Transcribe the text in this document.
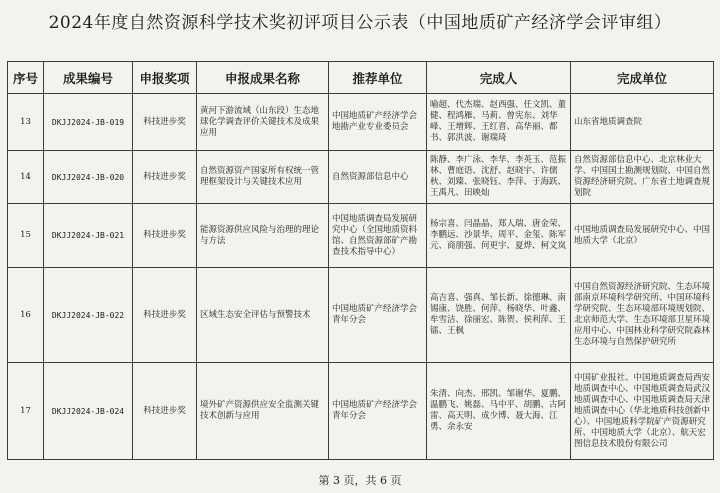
2024年度自然资源科学技术奖初评项目公示表（中国地质矿产经济学会评审组）
序号	成果编号	申报奖项	申报成果名称	推荐单位	完成人	完成单位
13	DKJJ2024-JB-019	科技进步奖	黄河下游流域（山东段）生态地球化学调查评价关键技术及成果应用	中国地质矿产经济学会地勘产业专业委员会	喻超、代杰瑞、赵西强、任文凯、董健、程鸿雁、马莉、曾宪东、刘华峰、王增辉、王红晋、高华丽、都书、郭洪波、谢瑞琦	山东省地质调查院
14	DKJJ2024-JB-020	科技进步奖	自然资源资产国家所有权统一管理框架设计与关键技术应用	自然资源部信息中心	陈静、李广泳、李华、李英玉、范振林、曹庭语、沈舒、赵晓宇、许儒秋、刘臻、张晓钰、李萍、于海跃、王禹凡、田映灿	自然资源部信息中心、北京林业大学、中国国土勘测规划院、中国自然资源经济研究院、广东省土地调查规划院
15	DKJJ2024-JB-021	科技进步奖	能源资源供应风险与治理的理论与方法	中国地质调查局发展研究中心（全国地质资料馆、自然资源部矿产勘查技术指导中心）	杨宗喜、闫晶晶、郑人瑞、唐金荣、李鹏远、沙景华、周平、金玺、陈军元、商朋强、何更宇、夏烨、柯文岚	中国地质调查局发展研究中心、中国地质大学（北京）
16	DKJJ2024-JB-022	科技进步奖	区域生态安全评估与预警技术	中国地质矿产经济学会青年分会	高吉喜、强真、邹长新、徐德琳、南锡康、饶胜、何萍、杨晓华、叶鑫、牟雪洁、徐丽宏、陈贺、侯利萍、王镭、王枫	中国自然资源经济研究院、生态环境部南京环境科学研究所、中国环境科学研究院、生态环境部环境规划院、北京师范大学、生态环境部卫星环境应用中心、中国林业科学研究院森林生态环境与自然保护研究所
17	DKJJ2024-JB-024	科技进步奖	境外矿产资源供应安全监测关键技术创新与应用	中国地质矿产经济学会青年分会	朱清、向杰、邢凯、邹谢华、夏鹏、温鹏飞、姚磊、马中平、胡鹏、古阿雷、高天明、成少博、聂大海、江勇、余永安	中国矿业报社、中国地质调查局西安地质调查中心、中国地质调查局武汉地质调查中心、中国地质调查局天津地质调查中心（华北地质科技创新中心）、中国地质科学院矿产资源研究所、中国地质大学（北京）、航天宏图信息技术股份有限公司
第 3 页，共 6 页
